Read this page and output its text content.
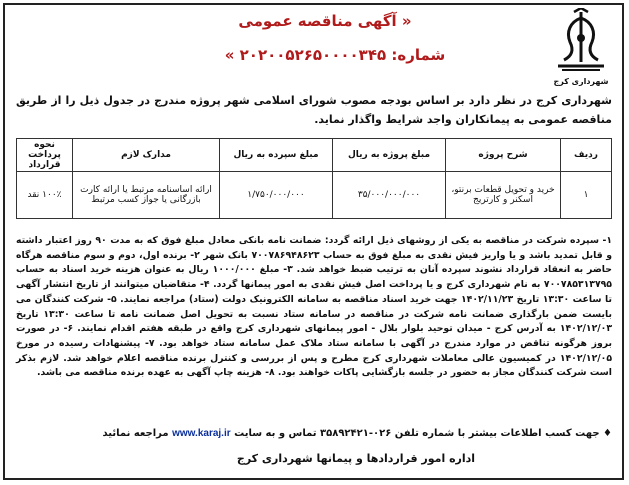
شهرداری کرج
« آگهی مناقصه عمومی
شماره: ۲۰۲۰۰۵۲۶۵۰۰۰۰۳۴۵ »
شهرداری کرج در نظر دارد بر اساس بودجه مصوب شورای اسلامی شهر پروژه مندرج در جدول ذیل را از طریق مناقصه عمومی به پیمانکاران واجد شرایط واگذار نماید.
ردیف	شرح پروژه	مبلغ پروژه به ریال	مبلغ سپرده به ریال	مدارک لازم	نحوه پرداخت قرارداد
۱	خرید و تحویل قطعات برنتو، اسکنر و کارتریج	۳۵/۰۰۰/۰۰۰/۰۰۰	۱/۷۵۰/۰۰۰/۰۰۰	ارائه اساسنامه مرتبط یا ارائه کارت بازرگانی یا جواز کسب مرتبط	۱۰۰٪ نقد
۱- سپرده شرکت در مناقصه به یکی از روشهای ذیل ارائه گردد: ضمانت نامه بانکی معادل مبلغ فوق که به مدت ۹۰ روز اعتبار داشته و قابل تمدید باشد و یا واریز فیش نقدی به مبلغ فوق به حساب ۷۰۰۷۸۶۹۴۸۶۲۳ بانک شهر ۲- برنده اول، دوم و سوم مناقصه هرگاه حاضر به انعقاد قرارداد نشوند سپرده آنان به ترتیب ضبط خواهد شد. ۳- مبلغ ۱۰۰۰/۰۰۰ ریال به عنوان هزینه خرید اسناد به حساب ۷۰۰۷۸۵۳۱۳۷۹۵ به نام شهرداری کرج و یا پرداخت اصل فیش نقدی به امور پیمانها گردد. ۴- متقاضیان میتوانند از تاریخ انتشار آگهی تا ساعت ۱۳:۳۰ تاریخ ۱۴۰۲/۱۱/۲۳ جهت خرید اسناد مناقصه به سامانه الکترونیک دولت (ستاد) مراجعه نمایند. ۵- شرکت کنندگان می بایست ضمن بارگذاری ضمانت نامه شرکت در مناقصه در سامانه ستاد نسبت به تحویل اصل ضمانت نامه تا ساعت ۱۳:۳۰ تاریخ ۱۴۰۲/۱۲/۰۳ به آدرس کرج - میدان توحید بلوار بلال - امور پیمانهای شهرداری کرج واقع در طبقه هفتم اقدام نمایند. ۶- در صورت بروز هرگونه تناقض در موارد مندرج در آگهی با سامانه ستاد ملاک عمل سامانه ستاد خواهد بود. ۷- پیشنهادات رسیده در مورخ ۱۴۰۲/۱۲/۰۵ در کمیسیون عالی معاملات شهرداری کرج مطرح و پس از بررسی و کنترل برنده مناقصه اعلام خواهد شد. لازم بذکر است شرکت کنندگان مجاز به حضور در جلسه بازگشایی پاکات خواهند بود. ۸- هزینه چاپ آگهی به عهده برنده مناقصه می باشد.
♦ جهت کسب اطلاعات بیشتر با شماره تلفن ۰۲۶-۳۵۸۹۲۴۲۱ تماس و به سایت www.karaj.ir مراجعه نمائید
اداره امور قراردادها و پیمانها شهرداری کرج
